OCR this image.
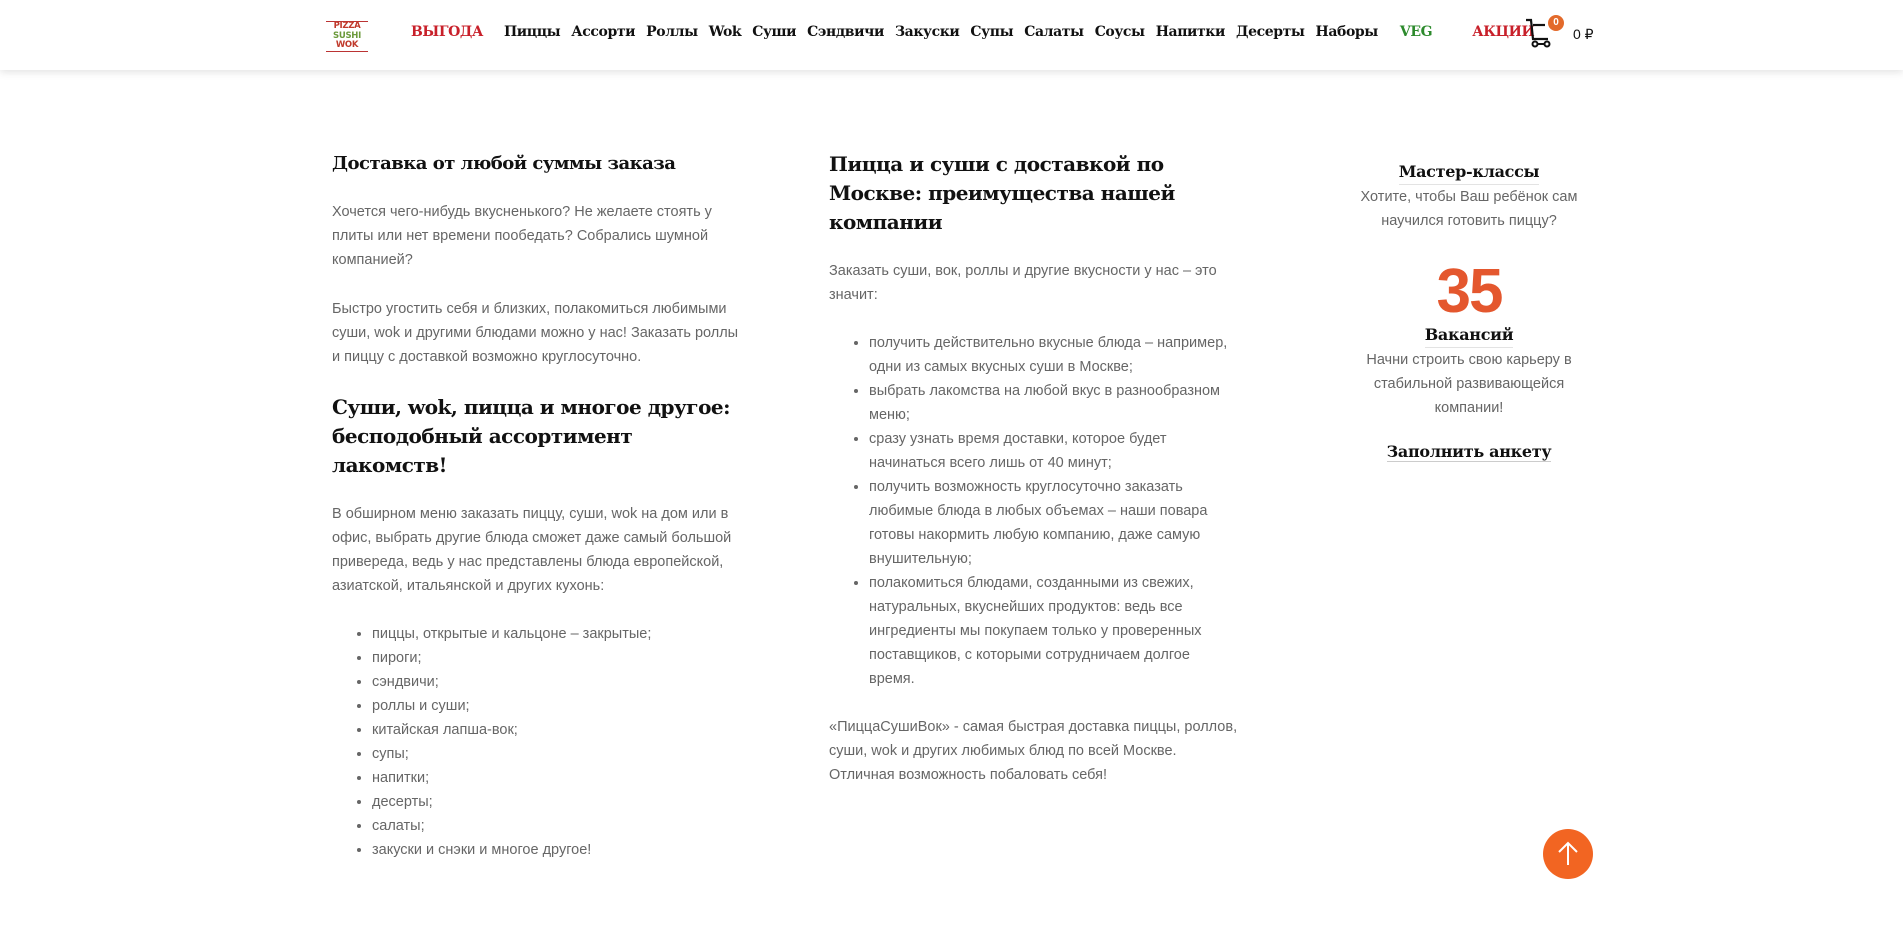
PIZZA
SUSHI
WOK
ВЫГОДА Пиццы Ассорти Роллы Wok Суши Сэндвичи Закуски Супы Салаты Соусы Напитки Десерты Наборы VEG	АКЦИИ
0
0 ₽
Доставка от любой суммы заказа

Хочется чего-нибудь вкусненького? Не желаете стоять у плиты или нет времени пообедать? Собрались шумной компанией?

Быстро угостить себя и близких, полакомиться любимыми суши, wok и другими блюдами можно у нас! Заказать роллы и пиццу с доставкой возможно круглосуточно.

Суши, wok, пицца и многое другое: бесподобный ассортимент лакомств!

В обширном меню заказать пиццу, суши, wok на дом или в офис, выбрать другие блюда сможет даже самый большой привереда, ведь у нас представлены блюда европейской, азиатской, итальянской и других кухонь:

• пиццы, открытые и кальцоне – закрытые;
• пироги;
• сэндвичи;
• роллы и суши;
• китайская лапша-вок;
• супы;
• напитки;
• десерты;
• салаты;
• закуски и снэки и многое другое!
Пицца и суши с доставкой по Москве: преимущества нашей компании

Заказать суши, вок, роллы и другие вкусности у нас – это значит:

• получить действительно вкусные блюда – например, одни из самых вкусных суши в Москве;
• выбрать лакомства на любой вкус в разнообразном меню;
• сразу узнать время доставки, которое будет начинаться всего лишь от 40 минут;
• получить возможность круглосуточно заказать любимые блюда в любых объемах – наши повара готовы накормить любую компанию, даже самую внушительную;
• полакомиться блюдами, созданными из свежих, натуральных, вкуснейших продуктов: ведь все ингредиенты мы покупаем только у проверенных поставщиков, с которыми сотрудничаем долгое время.

«ПиццаСушиВок» - самая быстрая доставка пиццы, роллов, суши, wok и других любимых блюд по всей Москве. Отличная возможность побаловать себя!

Мастер-классы

Хотите, чтобы Ваш ребёнок сам научился готовить пиццу?

35
Вакансий

Начни строить свою карьеру в стабильной развивающейся компании!

Заполнить анкету
